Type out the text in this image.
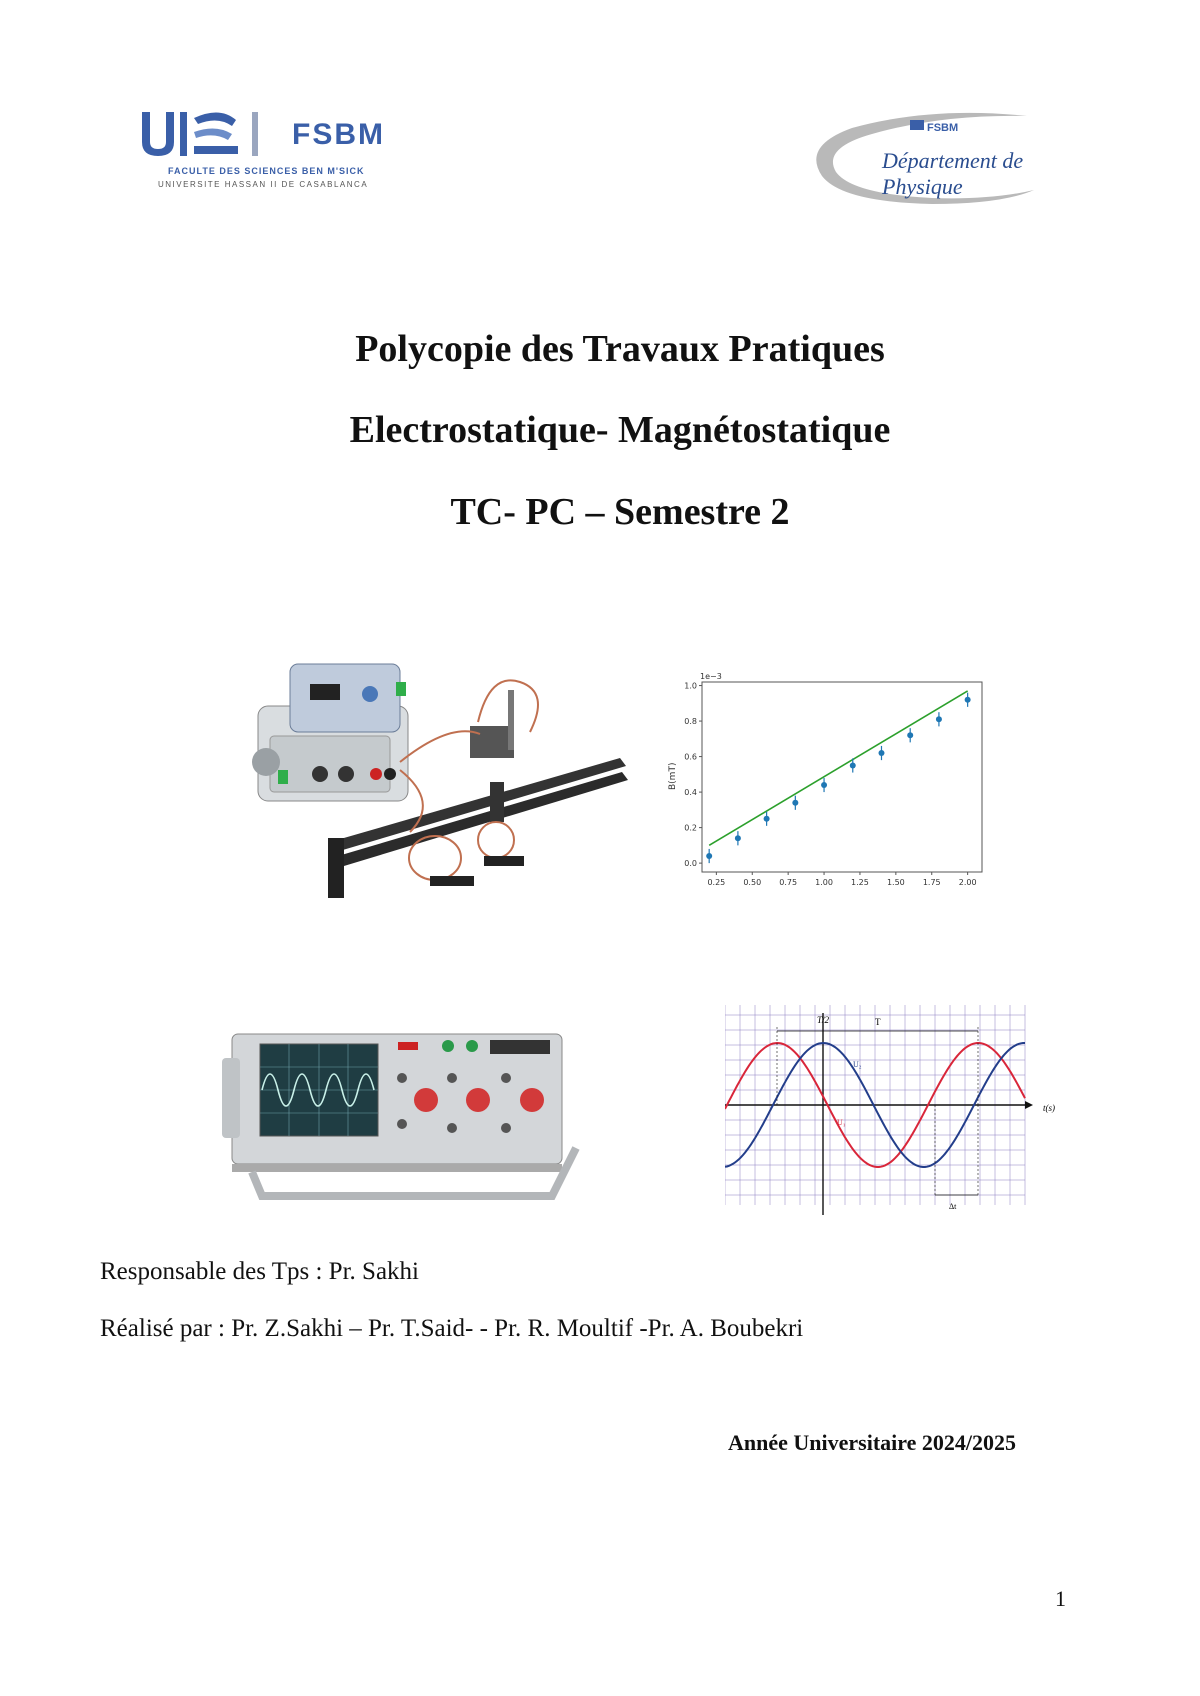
FSBM
FACULTE DES SCIENCES BEN M'SICK
UNIVERSITE HASSAN II DE CASABLANCA
FSBM
Département de Physique
Polycopie des Travaux Pratiques
Electrostatique- Magnétostatique
TC- PC – Semestre 2
1e−3
B(mT)
0.25 0.50 0.75 1.00 1.25 1.50 1.75 2.00
0.0
0.2
0.4
0.6
0.8
1.0
T/2	T
U₂
U₁
t(s)
Δt
Responsable des Tps : Pr. Sakhi
Réalisé par : Pr. Z.Sakhi – Pr. T.Said- - Pr. R. Moultif -Pr. A. Boubekri
Année Universitaire 2024/2025
1
